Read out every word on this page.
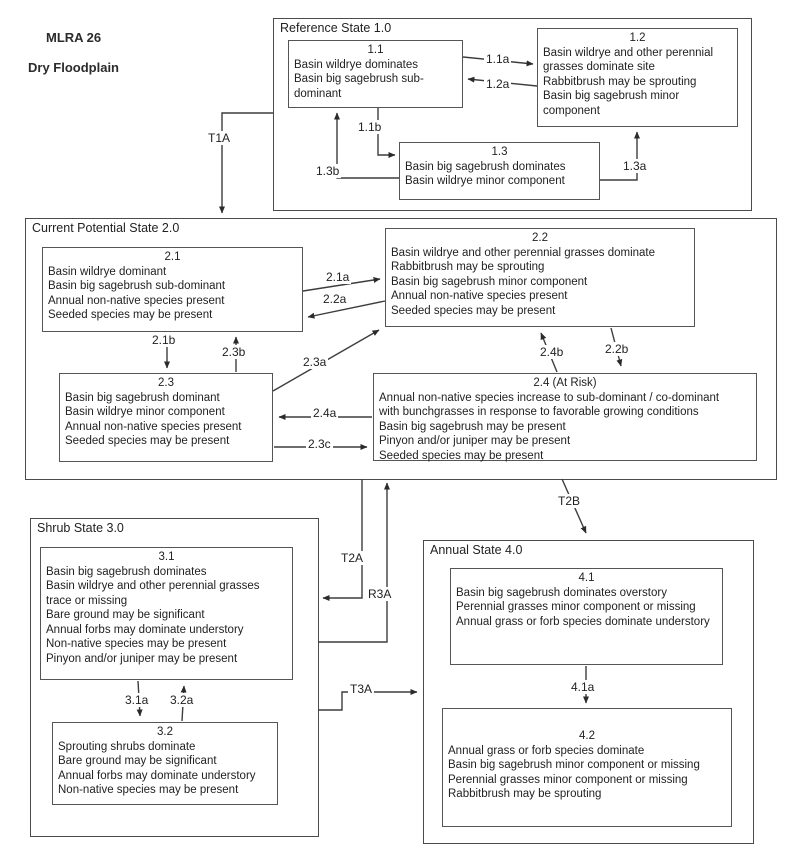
MLRA 26
Dry Floodplain
Reference State 1.0
Current Potential State 2.0
Shrub State 3.0
Annual State 4.0
1.1
Basin wildrye dominates
Basin big sagebrush sub-dominant
1.2
Basin wildrye and other perennial grasses dominate site
Rabbitbrush may be sprouting
Basin big sagebrush minor component
1.3
Basin big sagebrush dominates
Basin wildrye minor component
2.1
Basin wildrye dominant
Basin big sagebrush sub-dominant
Annual non-native species present
Seeded species may be present
2.2
Basin wildrye and other perennial grasses dominate
Rabbitbrush may be sprouting
Basin big sagebrush minor component
Annual non-native species present
Seeded species may be present
2.3
Basin big sagebrush dominant
Basin wildrye minor component
Annual non-native species present
Seeded species may be present
2.4 (At Risk)
Annual non-native species increase to sub-dominant / co-dominant
with bunchgrasses in response to favorable growing conditions
Basin big sagebrush may be present
Pinyon and/or juniper may be present
Seeded species may be present
3.1
Basin big sagebrush dominates
Basin wildrye and other perennial grasses trace or missing
Bare ground may be significant
Annual forbs may dominate understory
Non-native species may be present
Pinyon and/or juniper may be present
3.2
Sprouting shrubs dominate
Bare ground may be significant
Annual forbs may dominate understory
Non-native species may be present
4.1
Basin big sagebrush dominates overstory
Perennial grasses minor component or missing
Annual grass or forb species dominate understory
4.2
Annual grass or forb species dominate
Basin big sagebrush minor component or missing
Perennial grasses minor component or missing
Rabbitbrush may be sprouting
T1A
1.1a
1.2a
1.1b
1.3b	1.3a
2.1a
2.2a
2.1b
2.3b
2.3a
2.4b	2.2b
2.4a
2.3c
T2B
T2A
R3A
T3A
3.1a 3.2a
4.1a
